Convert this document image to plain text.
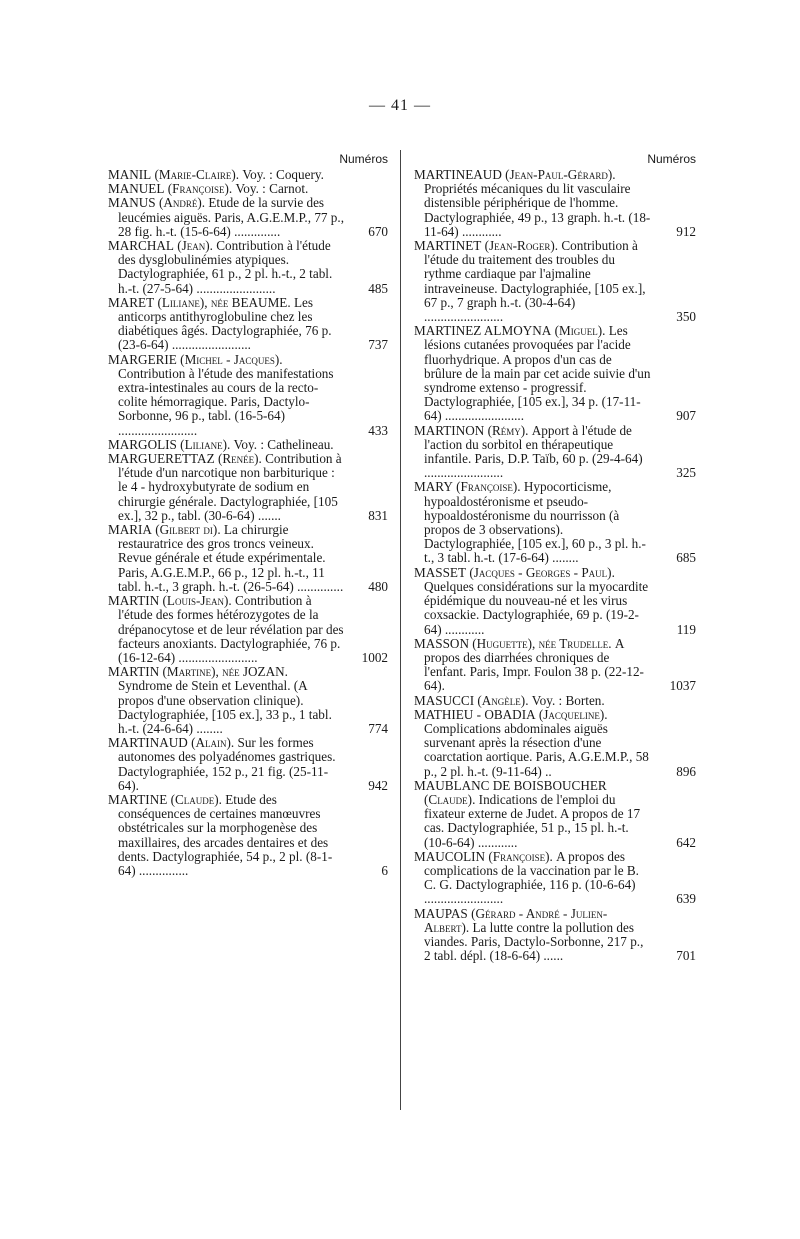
— 41 —
Numéros
MANIL (Marie-Claire). Voy. : Coquery.
MANUEL (Françoise). Voy. : Carnot.
MANUS (André). Etude de la survie des leucémies aiguës. Paris, A.G.E.M.P., 77 p., 28 fig. h.-t. (15-6-64) ..............	670
MARCHAL (Jean). Contribution à l'étude des dysglobulinémies atypiques. Dactylographiée, 61 p., 2 pl. h.-t., 2 tabl. h.-t. (27-5-64) ........................	485
MARET (Liliane), née BEAUME. Les anticorps antithyroglobuline chez les diabétiques âgés. Dactylographiée, 76 p. (23-6-64) ........................	737
MARGERIE (Michel - Jacques). Contribution à l'étude des manifestations extra-intestinales au cours de la recto-colite hémorragique. Paris, Dactylo-Sorbonne, 96 p., tabl. (16-5-64) ........................	433
MARGOLIS (Liliane). Voy. : Cathelineau.
MARGUERETTAZ (Renée). Contribution à l'étude d'un narcotique non barbiturique : le 4 - hydroxybutyrate de sodium en chirurgie générale. Dactylographiée, [105 ex.], 32 p., tabl. (30-6-64) .......	831
MARIA (Gilbert di). La chirurgie restauratrice des gros troncs veineux. Revue générale et étude expérimentale. Paris, A.G.E.M.P., 66 p., 12 pl. h.-t., 11 tabl. h.-t., 3 graph. h.-t. (26-5-64) .............. 480
MARTIN (Louis-Jean). Contribution à l'étude des formes hétérozygotes de la drépanocytose et de leur révélation par des facteurs anoxiants. Dactylographiée, 76 p. (16-12-64) ........................	1002
MARTIN (Martine), née JOZAN. Syndrome de Stein et Leventhal. (A propos d'une observation clinique). Dactylographiée, [105 ex.], 33 p., 1 tabl. h.-t. (24-6-64) ........	774
MARTINAUD (Alain). Sur les formes autonomes des polyadénomes gastriques. Dactylographiée, 152 p., 21 fig. (25-11-64).	942
MARTINE (Claude). Etude des conséquences de certaines manœuvres obstétricales sur la morphogenèse des maxillaires, des arcades dentaires et des dents. Dactylographiée, 54 p., 2 pl. (8-1-64) ...............	6
Numéros
MARTINEAUD (Jean-Paul-Gérard). Propriétés mécaniques du lit vasculaire distensible périphérique de l'homme. Dactylographiée, 49 p., 13 graph. h.-t. (18-11-64) ............	912
MARTINET (Jean-Roger). Contribution à l'étude du traitement des troubles du rythme cardiaque par l'ajmaline intraveineuse. Dactylographiée, [105 ex.], 67 p., 7 graph h.-t. (30-4-64) ........................	350
MARTINEZ ALMOYNA (Miguel). Les lésions cutanées provoquées par l'acide fluorhydrique. A propos d'un cas de brûlure de la main par cet acide suivie d'un syndrome extenso - progressif. Dactylographiée, [105 ex.], 34 p. (17-11-64) ........................	907
MARTINON (Rémy). Apport à l'étude de l'action du sorbitol en thérapeutique infantile. Paris, D.P. Taïb, 60 p. (29-4-64) ........................	325
MARY (Françoise). Hypocorticisme, hypoaldostéronisme et pseudo-hypoaldostéronisme du nourrisson (à propos de 3 observations). Dactylographiée, [105 ex.], 60 p., 3 pl. h.-t., 3 tabl. h.-t. (17-6-64) ........	685
MASSET (Jacques - Georges - Paul). Quelques considérations sur la myocardite épidémique du nouveau-né et les virus coxsackie. Dactylographiée, 69 p. (19-2-64) ............	119
MASSON (Huguette), née Trudelle. A propos des diarrhées chroniques de l'enfant. Paris, Impr. Foulon 38 p. (22-12-64).	1037
MASUCCI (Angèle). Voy. : Borten.
MATHIEU - OBADIA (Jacqueline). Complications abdominales aiguës survenant après la résection d'une coarctation aortique. Paris, A.G.E.M.P., 58 p., 2 pl. h.-t. (9-11-64) ..	896
MAUBLANC DE BOISBOUCHER (Claude). Indications de l'emploi du fixateur externe de Judet. A propos de 17 cas. Dactylographiée, 51 p., 15 pl. h.-t. (10-6-64) ............	642
MAUCOLIN (Françoise). A propos des complications de la vaccination par le B. C. G. Dactylographiée, 116 p. (10-6-64) ........................	639
MAUPAS (Gérard - André - Julien-Albert). La lutte contre la pollution des viandes. Paris, Dactylo-Sorbonne, 217 p., 2 tabl. dépl. (18-6-64) ......	701
